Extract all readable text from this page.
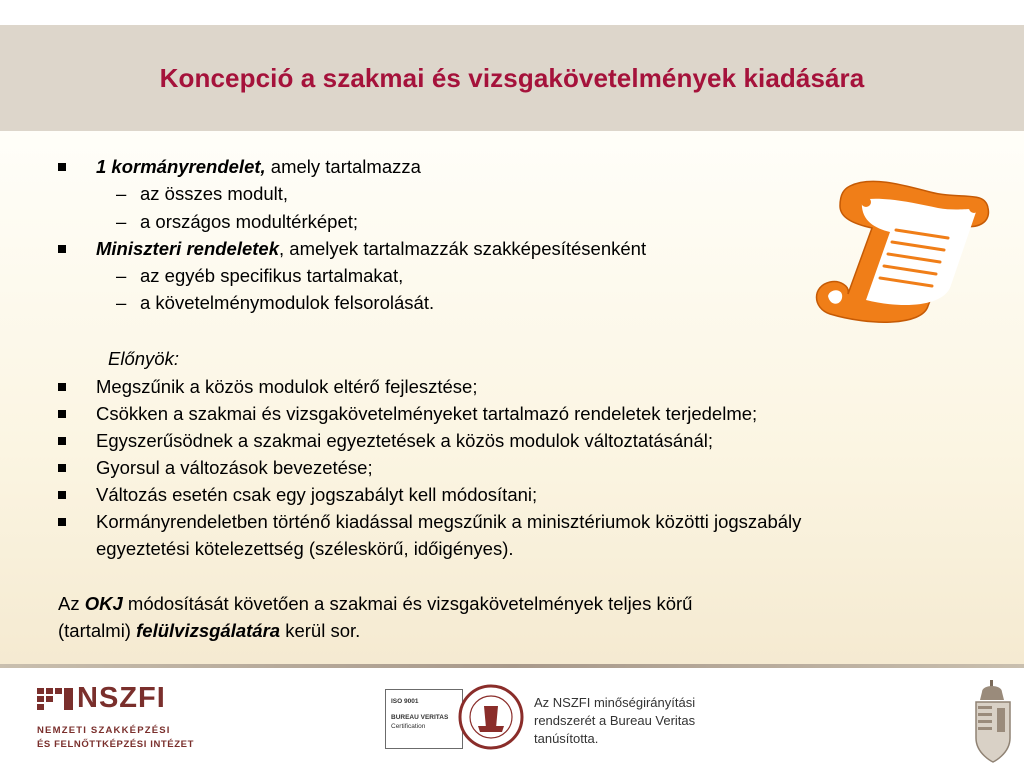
Koncepció a szakmai és vizsgakövetelmények kiadására
1 kormányrendelet, amely tartalmazza
– az összes modult,
– a országos modultérképet;
Miniszteri rendeletek, amelyek tartalmazzák szakképesítésenként
– az egyéb specifikus tartalmakat,
– a követelménymodulok felsorolását.
Előnyök:
Megszűnik a közös modulok eltérő fejlesztése;
Csökken a szakmai és vizsgakövetelményeket tartalmazó rendeletek terjedelme;
Egyszerűsödnek a szakmai egyeztetések a közös modulok változtatásánál;
Gyorsul a változások bevezetése;
Változás esetén csak egy jogszabályt kell módosítani;
Kormányrendeletben történő kiadással megszűnik a minisztériumok közötti jogszabály
egyeztetési kötelezettség (széleskörű, időigényes).
Az OKJ módosítását követően a szakmai és vizsgakövetelmények teljes körű
(tartalmi) felülvizsgálatára kerül sor.
NSZFI
NEMZETI SZAKKÉPZÉSI
ÉS FELNŐTTKÉPZÉSI INTÉZET
ISO 9001
BUREAU VERITAS
Certification
Az NSZFI minőségirányítási
rendszerét a Bureau Veritas
tanúsította.
